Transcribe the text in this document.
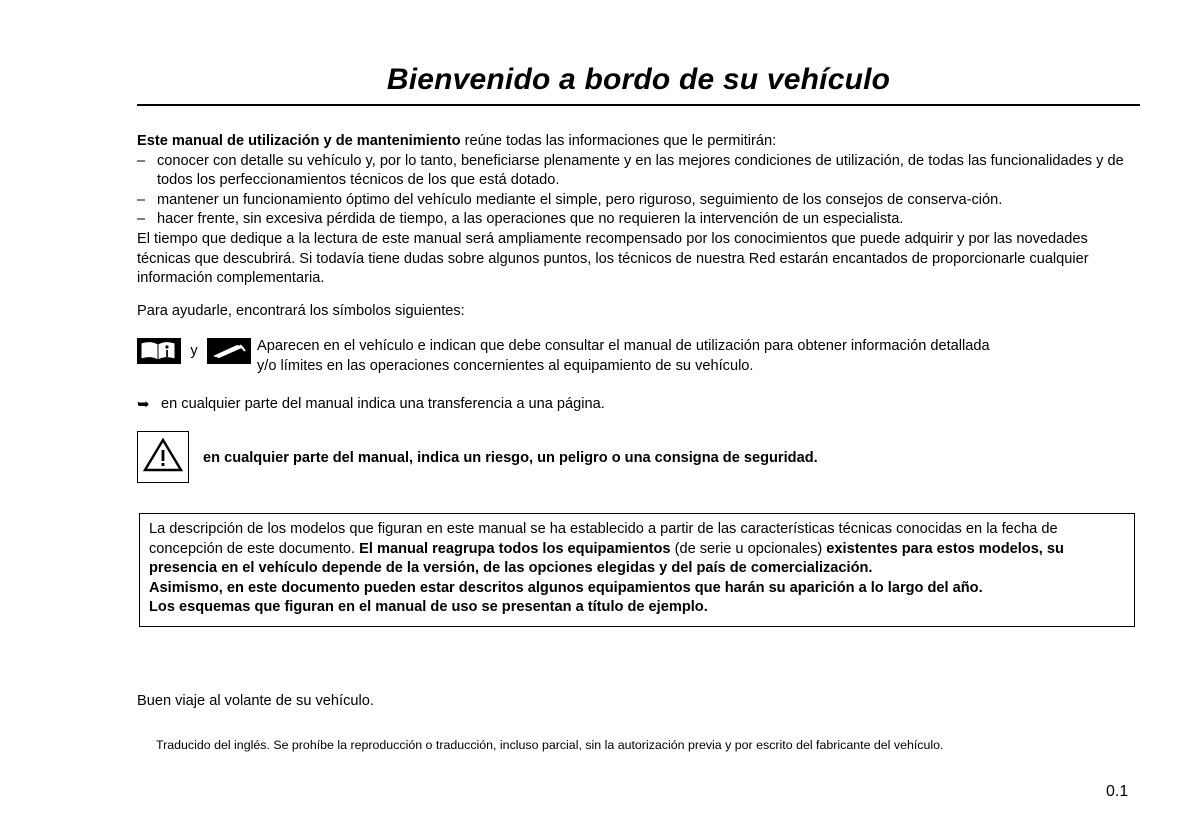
Bienvenido a bordo de su vehículo
Este manual de utilización y de mantenimiento reúne todas las informaciones que le permitirán:
– conocer con detalle su vehículo y, por lo tanto, beneficiarse plenamente y en las mejores condiciones de utilización, de todas las funcionalidades y de todos los perfeccionamientos técnicos de los que está dotado.
– mantener un funcionamiento óptimo del vehículo mediante el simple, pero riguroso, seguimiento de los consejos de conserva-ción.
– hacer frente, sin excesiva pérdida de tiempo, a las operaciones que no requieren la intervención de un especialista.
El tiempo que dedique a la lectura de este manual será ampliamente recompensado por los conocimientos que puede adquirir y por las novedades técnicas que descubrirá. Si todavía tiene dudas sobre algunos puntos, los técnicos de nuestra Red estarán encantados de proporcionarle cualquier información complementaria.
Para ayudarle, encontrará los símbolos siguientes:
y	Aparecen en el vehículo e indican que debe consultar el manual de utilización para obtener información detallada
y/o límites en las operaciones concernientes al equipamiento de su vehículo.
➥ en cualquier parte del manual indica una transferencia a una página.
en cualquier parte del manual, indica un riesgo, un peligro o una consigna de seguridad.

La descripción de los modelos que figuran en este manual se ha establecido a partir de las características técnicas conocidas en la fecha de concepción de este documento. El manual reagrupa todos los equipamientos (de serie u opcionales) existentes para estos modelos, su presencia en el vehículo depende de la versión, de las opciones elegidas y del país de comercialización.

Asimismo, en este documento pueden estar descritos algunos equipamientos que harán su aparición a lo largo del año.

Los esquemas que figuran en el manual de uso se presentan a título de ejemplo.

Buen viaje al volante de su vehículo.
Traducido del inglés. Se prohíbe la reproducción o traducción, incluso parcial, sin la autorización previa y por escrito del fabricante del vehículo.
0.1
